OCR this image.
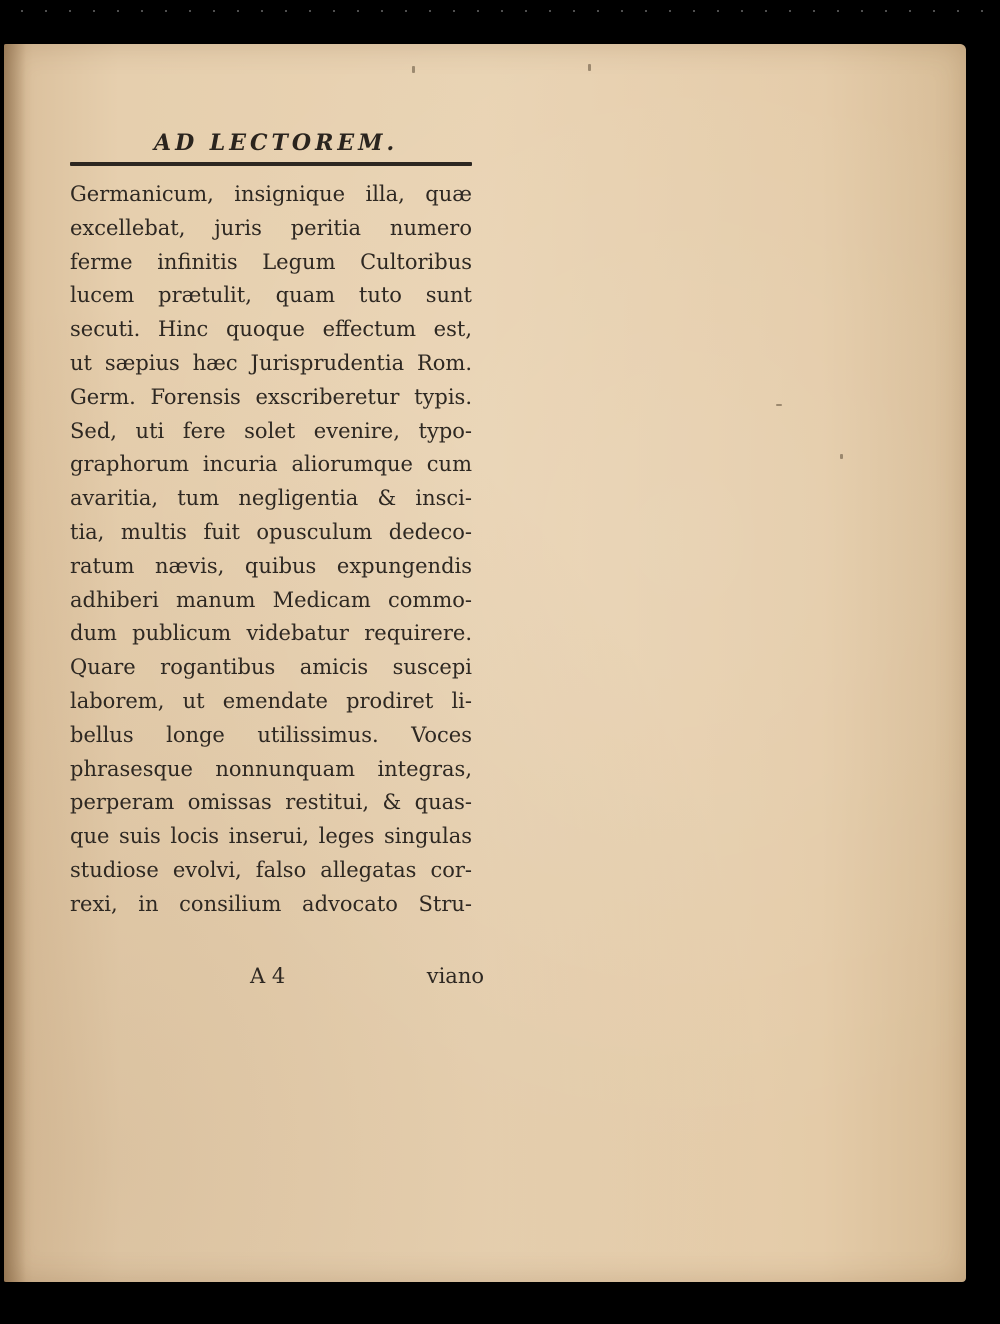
AD LECTOREM.
Germanicum, insignique illa, quæ
excellebat, juris peritia numero
ferme infinitis Legum Cultoribus
lucem prætulit, quam tuto sunt
secuti. Hinc quoque effectum est,
ut sæpius hæc Jurisprudentia Rom.
Germ. Forensis exscriberetur typis.
Sed, uti fere solet evenire, typo-
graphorum incuria aliorumque cum
avaritia, tum negligentia & insci-
tia, multis fuit opusculum dedeco-
ratum nævis, quibus expungendis
adhiberi manum Medicam commo-
dum publicum videbatur requirere.
Quare rogantibus amicis suscepi
laborem, ut emendate prodiret li-
bellus longe utilissimus. Voces
phrasesque nonnunquam integras,
perperam omissas restitui, & quas-
que suis locis inserui, leges singulas
studiose evolvi, falso allegatas cor-
rexi, in consilium advocato Stru-
A 4	viano
